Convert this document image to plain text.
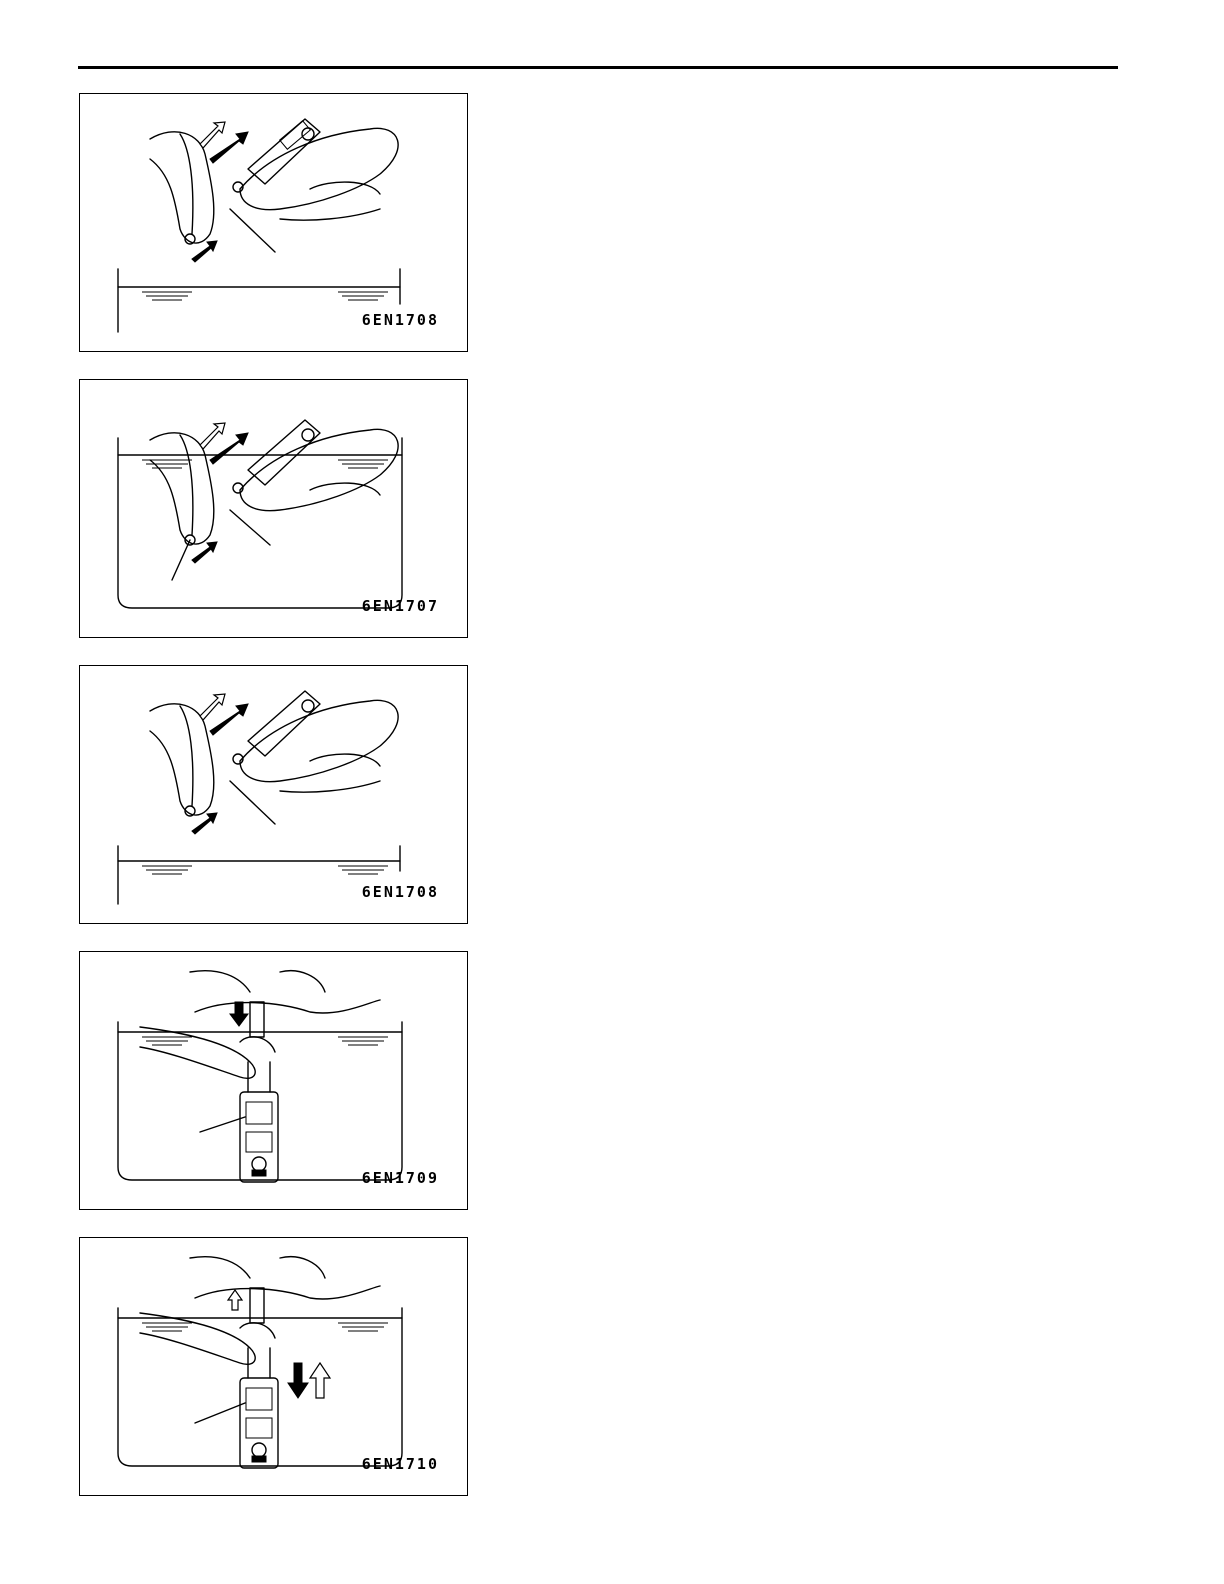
6EN1708
6EN1707
6EN1708
6EN1709
6EN1710
